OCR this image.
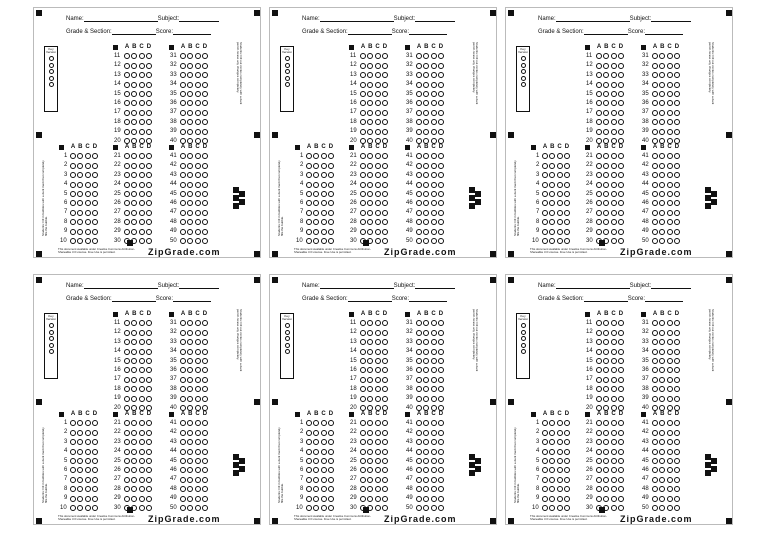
Name:	Subject:
Grade & Section:	Score:
Key Version
A B C D
11
12
13
14
15
16
17
18
19
20
A B C D
31
32
33
34
35
36
37
38
39
40
A B C D
1
2
3
4
5
6
7
8
9
10
A B C D
21
22
23
24
25
26
27
28
29
30
A B C D
41
42
43
44
45
46
47
48
49
50
Students: Fill out circles completely with a dark pencil. Erase any changes completely.
Students: Fill in bubbles with a dark mark that completely fills the bubble.
This document available under Creative Commons Attribution-Sharealike 3.0 License. Free Use is permitted.	ZipGrade.com
Name:	Subject:
Grade & Section:	Score:
Key Version
A B C D
11
12
13
14
15
16
17
18
19
20
A B C D
31
32
33
34
35
36
37
38
39
40
A B C D
1
2
3
4
5
6
7
8
9
10
A B C D
21
22
23
24
25
26
27
28
29
30
A B C D
41
42
43
44
45
46
47
48
49
50
Students: Fill out circles completely with a dark pencil. Erase any changes completely.
Students: Fill in bubbles with a dark mark that completely fills the bubble.
This document available under Creative Commons Attribution-Sharealike 3.0 License. Free Use is permitted.	ZipGrade.com
Name:	Subject:
Grade & Section:	Score:
Key Version
A B C D
11
12
13
14
15
16
17
18
19
20
A B C D
31
32
33
34
35
36
37
38
39
40
A B C D
1
2
3
4
5
6
7
8
9
10
A B C D
21
22
23
24
25
26
27
28
29
30
A B C D
41
42
43
44
45
46
47
48
49
50
Students: Fill out circles completely with a dark pencil. Erase any changes completely.
Students: Fill in bubbles with a dark mark that completely fills the bubble.
This document available under Creative Commons Attribution-Sharealike 3.0 License. Free Use is permitted.	ZipGrade.com
Name:	Subject:
Grade & Section:	Score:
Key Version
A B C D
11
12
13
14
15
16
17
18
19
20
A B C D
31
32
33
34
35
36
37
38
39
40
A B C D
1
2
3
4
5
6
7
8
9
10
A B C D
21
22
23
24
25
26
27
28
29
30
A B C D
41
42
43
44
45
46
47
48
49
50
Students: Fill out circles completely with a dark pencil. Erase any changes completely.
Students: Fill in bubbles with a dark mark that completely fills the bubble.
This document available under Creative Commons Attribution-Sharealike 3.0 License. Free Use is permitted.	ZipGrade.com
Name:	Subject:
Grade & Section:	Score:
Key Version
A B C D
11
12
13
14
15
16
17
18
19
20
A B C D
31
32
33
34
35
36
37
38
39
40
A B C D
1
2
3
4
5
6
7
8
9
10
A B C D
21
22
23
24
25
26
27
28
29
30
A B C D
41
42
43
44
45
46
47
48
49
50
Students: Fill out circles completely with a dark pencil. Erase any changes completely.
Students: Fill in bubbles with a dark mark that completely fills the bubble.
This document available under Creative Commons Attribution-Sharealike 3.0 License. Free Use is permitted.	ZipGrade.com
Name:	Subject:
Grade & Section:	Score:
Key Version
A B C D
11
12
13
14
15
16
17
18
19
20
A B C D
31
32
33
34
35
36
37
38
39
40
A B C D
1
2
3
4
5
6
7
8
9
10
A B C D
21
22
23
24
25
26
27
28
29
30
A B C D
41
42
43
44
45
46
47
48
49
50
Students: Fill out circles completely with a dark pencil. Erase any changes completely.
Students: Fill in bubbles with a dark mark that completely fills the bubble.
This document available under Creative Commons Attribution-Sharealike 3.0 License. Free Use is permitted.	ZipGrade.com
